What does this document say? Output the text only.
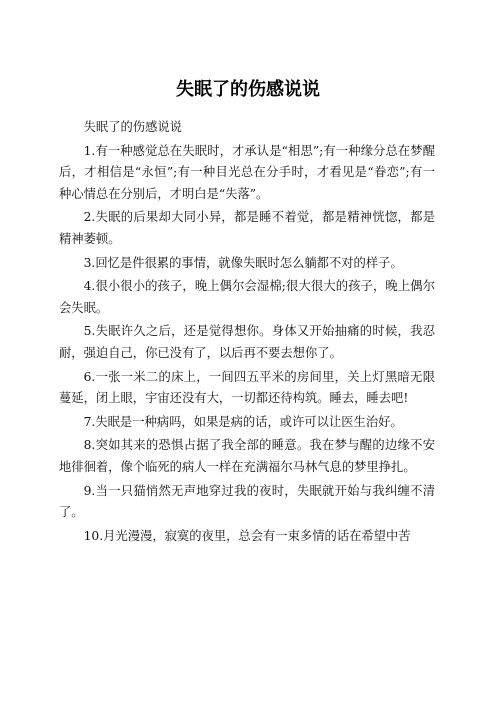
失眠了的伤感说说

失眠了的伤感说说

1.有一种感觉总在失眠时，才承认是“相思”;有一种缘分总在梦醒后，才相信是“永恒”;有一种目光总在分手时，才看见是“眷恋”;有一种心情总在分别后，才明白是“失落”。

2.失眠的后果却大同小异，都是睡不着觉，都是精神恍惚，都是精神萎顿。

3.回忆是件很累的事情，就像失眠时怎么躺都不对的样子。

4.很小很小的孩子，晚上偶尔会湿棉;很大很大的孩子，晚上偶尔会失眠。

5.失眠许久之后，还是觉得想你。身体又开始抽痛的时候，我忍耐，强迫自己，你已没有了，以后再不要去想你了。

6.一张一米二的床上，一间四五平米的房间里，关上灯黑暗无限蔓延，闭上眼，宇宙还没有大，一切都还待构筑。睡去，睡去吧!

7.失眠是一种病吗，如果是病的话，或许可以让医生治好。

8.突如其来的恐惧占据了我全部的睡意。我在梦与醒的边缘不安地徘徊着，像个临死的病人一样在充满福尔马林气息的梦里挣扎。

9.当一只猫悄然无声地穿过我的夜时，失眠就开始与我纠缠不清了。

10.月光漫漫，寂寞的夜里，总会有一束多情的话在希望中苦
